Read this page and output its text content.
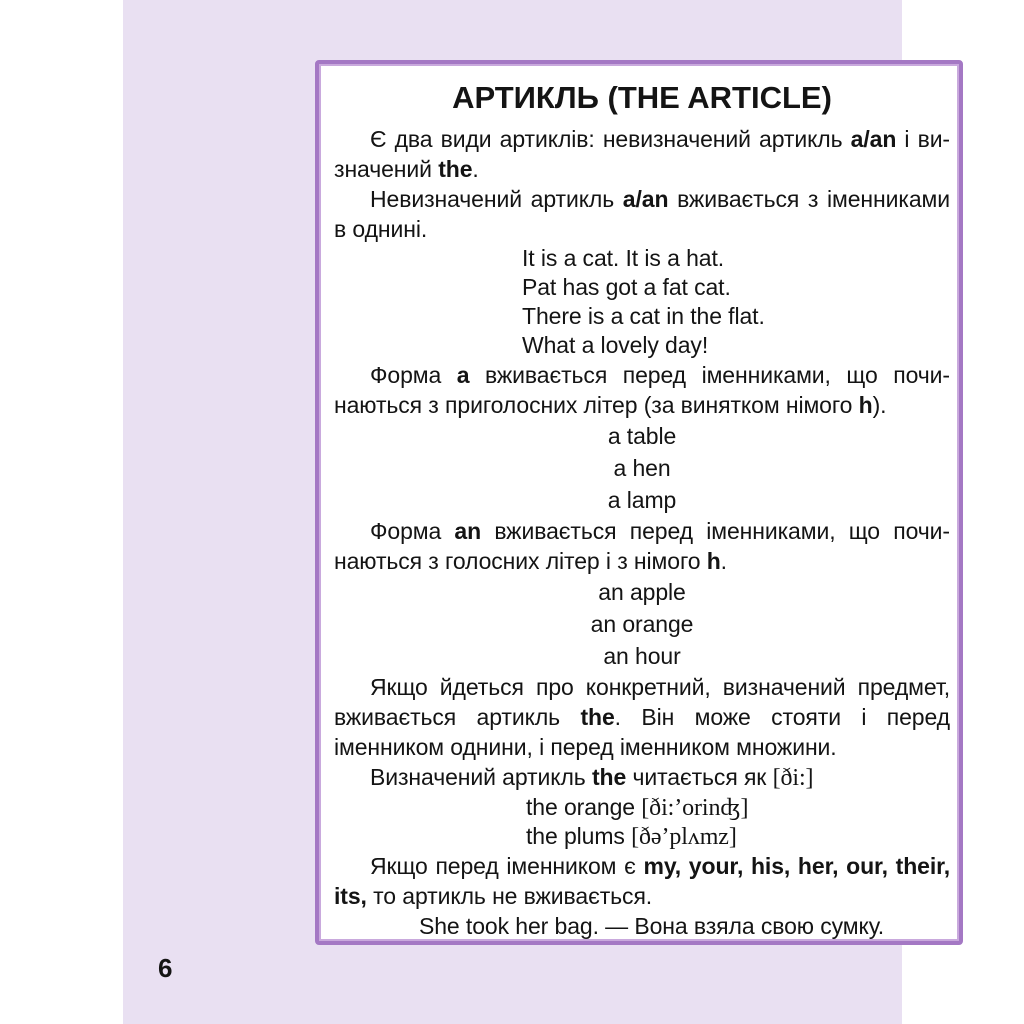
АРТИКЛЬ (THE ARTICLE)
Є два види артиклів: невизначений артикль a/an і ви-
значений the.
Невизначений артикль a/an вживається з іменниками
в однині.
It is a cat. It is a hat.
Pat has got a fat cat.
There is a cat in the flat.
What a lovely day!
Форма а вживається перед іменниками, що почи-
наються з приголосних літер (за винятком німого h).
a table
a hen
a lamp
Форма an вживається перед іменниками, що почи-
наються з голосних літер і з німого h.
an apple
an orange
an hour
Якщо йдеться про конкретний, визначений предмет,
вживається артикль the. Він може стояти і перед
іменником однини, і перед іменником множини.
Визначений артикль the читається як [ði:]
the orange [ði:’orinʤ]
the plums [ðə’plʌmz]
Якщо перед іменником є my, your, his, her, our, their,
its, то артикль не вживається.
She took her bag. — Вона взяла свою сумку.
6
